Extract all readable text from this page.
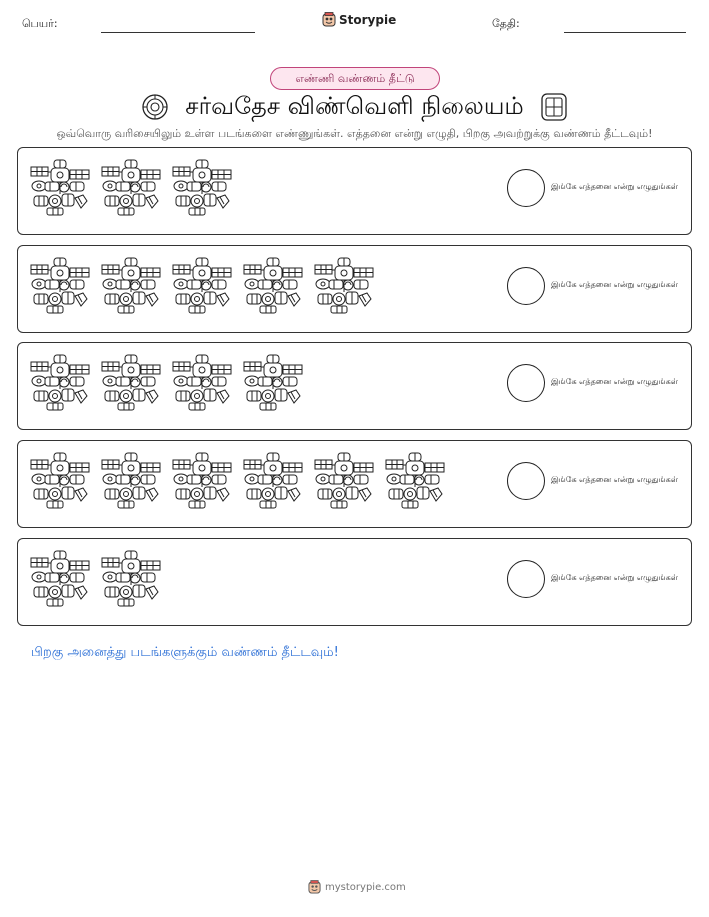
பெயர்:	Storypie	தேதி:
எண்ணி வண்ணம் தீட்டு
சர்வதேச விண்வெளி நிலையம்
ஒவ்வொரு வரிசையிலும் உள்ள படங்களை எண்ணுங்கள். எத்தனை என்று எழுதி, பிறகு அவற்றுக்கு வண்ணம் தீட்டவும்!
இங்கே எத்தனை என்று எழுதுங்கள்
இங்கே எத்தனை என்று எழுதுங்கள்
இங்கே எத்தனை என்று எழுதுங்கள்
இங்கே எத்தனை என்று எழுதுங்கள்
இங்கே எத்தனை என்று எழுதுங்கள்
பிறகு அனைத்து படங்களுக்கும் வண்ணம் தீட்டவும்!
mystorypie.com
